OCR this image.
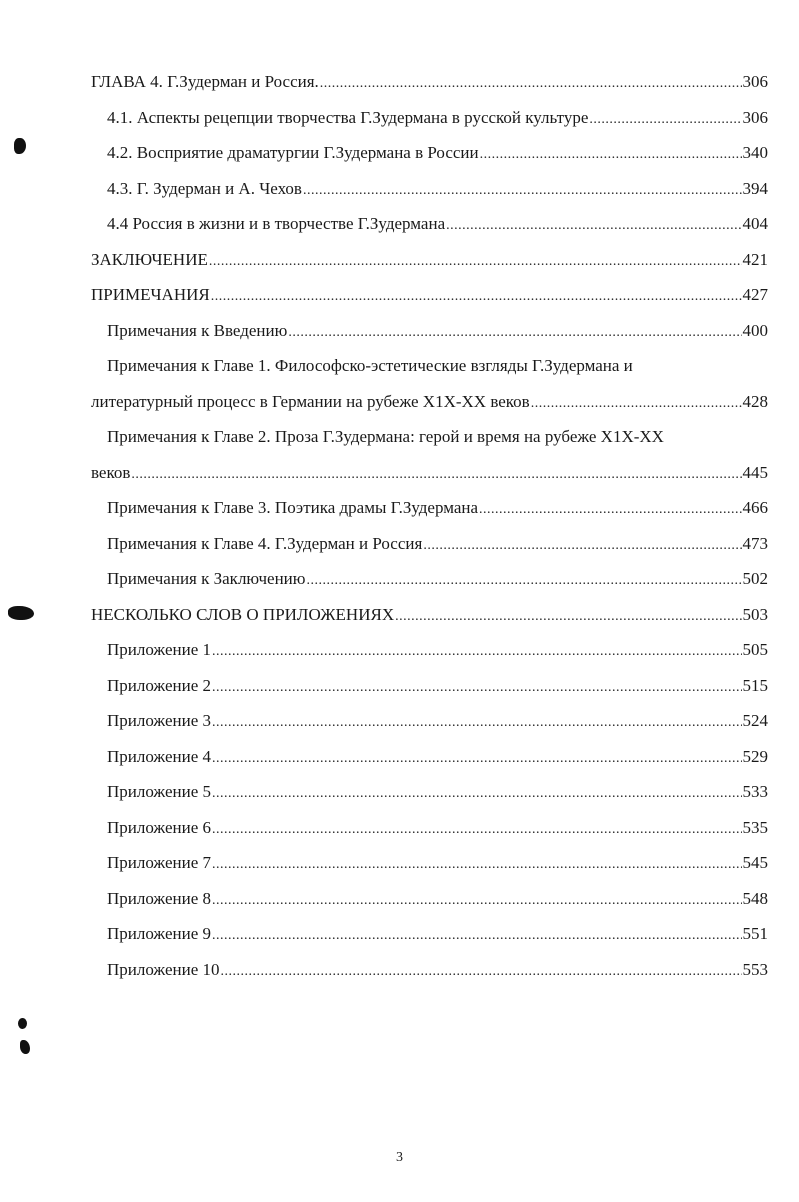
ГЛАВА 4. Г.Зудерман и Россия. .....	306
4.1. Аспекты рецепции творчества Г.Зудермана в русской культуре .....	306
4.2. Восприятие драматургии Г.Зудермана в России .....	340
4.3. Г. Зудерман и А. Чехов .....	394
4.4 Россия в жизни и в творчестве Г.Зудермана .....	404
ЗАКЛЮЧЕНИЕ .....	421
ПРИМЕЧАНИЯ .....	427
Примечания к Введению .....	400
Примечания к Главе 1. Философско-эстетические взгляды Г.Зудермана и
литературный процесс в Германии на рубеже Х1Х-ХХ веков .....	428
Примечания к Главе 2. Проза Г.Зудермана: герой и время на рубеже Х1Х-ХХ
веков .....	445
Примечания к Главе 3. Поэтика драмы Г.Зудермана .....	466
Примечания к Главе 4. Г.Зудерман и Россия .....	473
Примечания к Заключению .....	502
НЕСКОЛЬКО СЛОВ О ПРИЛОЖЕНИЯХ .....	503
Приложение 1 .....	505
Приложение 2 .....	515
Приложение 3 .....	524
Приложение 4 .....	529
Приложение 5 .....	533
Приложение 6 .....	535
Приложение 7 .....	545
Приложение 8 .....	548
Приложение 9 .....	551
Приложение 10 .....	553
3
